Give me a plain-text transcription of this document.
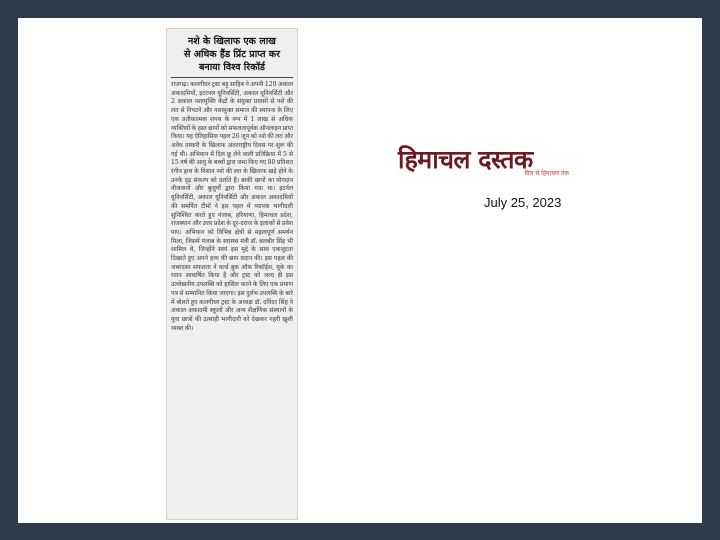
नशे के खिलाफ एक लाख
से अधिक हैंड प्रिंट प्राप्त कर
बनाया विश्व रिकॉर्ड
राजगढ़। कलगीधर ट्रस्ट बड़ू साहिब ने अपनी 129 अकाल अकादमियों, इटरनल यूनिवर्सिटी, अकाल यूनिवर्सिटी और 2 अकाल नशामुक्ति केंद्रों के संयुक्त प्रयासों से नशे की लत से निपटने और नशामुक्त समाज की स्थापना के लिए एक प्रतीकात्मक शपथ के रूप में 1 लाख से अधिक व्यक्तियों के हस्त छापों को सफलतापूर्वक ऑनलाइन प्राप्त किया। यह ऐतिहासिक पहल 26 जून को नशे की लत और अवैध तस्करी के खिलाफ अंतरराष्ट्रीय दिवस पर शुरू की गई थी। अभियान में दिल छू लेने वाली प्रतिक्रिया में 5 से 15 वर्ष की आयु के बच्चों द्वारा जमा किए गए 80 प्रतिशत रंगीन हाथ के निशान नशे की लत के खिलाफ खड़े होने के उनके दृढ़ संकल्प को दर्शाते हैं। बाकी छापों का योगदान नौजवानों और बुजुर्गों द्वारा किया गया था। इटर्नल यूनिवर्सिटी, अकाल यूनिवर्सिटी और अकाल अकादमियों की समर्पित टीमों ने इस पहल में व्यापक भागीदारी सुनिश्चित करते हुए पंजाब, हरियाणा, हिमाचल प्रदेश, राजस्थान और उत्तर प्रदेश के दूर-दराज के इलाकों से प्रवेश पाए। अभियान को विभिन्न क्षेत्रों से महत्वपूर्ण समर्थन मिला, जिसमें पंजाब के स्वास्थ्य मंत्री डॉ. बलबीर सिंह भी शामिल थे, जिन्होंने स्वयं इस मुद्दे के साथ एकजुटता दिखाते हुए अपने हाथ की छाप प्रदान की। इस पहल की जबरदस्त सफलता ने वर्ल्ड बुक ऑफ रिकॉर्ड्स, यूके का ध्यान आकर्षित किया है और ट्रस्ट को जल्द ही इस उल्लेखनीय उपलब्धि को हासिल करने के लिए एक प्रमाण पत्र से सम्मानित किया जाएगा। इस दुर्लभ उपलब्धि के बारे में बोलते हुए कलगीधर ट्रस्ट के अध्यक्ष डॉ. दविंदर सिंह ने अकाल अकादमी स्कूलों और अन्य शैक्षणिक संस्थानों के युवा छात्रों की उत्साही भागीदारी को देखकर गहरी खुशी व्यक्त की।
हिमाचल दस्तक
दिल से हिमाचल तक
July 25, 2023
